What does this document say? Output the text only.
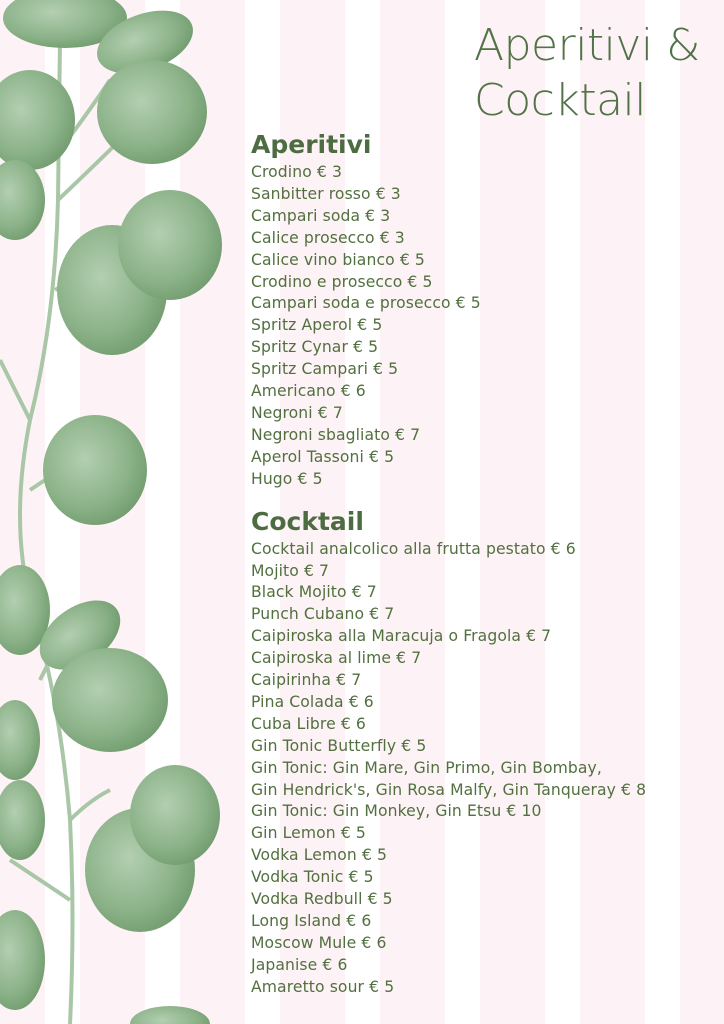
Aperitivi &
Cocktail
Aperitivi
Crodino € 3
Sanbitter rosso € 3
Campari soda € 3
Calice prosecco € 3
Calice vino bianco € 5
Crodino e prosecco € 5
Campari soda e prosecco € 5
Spritz Aperol € 5
Spritz Cynar € 5
Spritz Campari € 5
Americano € 6
Negroni € 7
Negroni sbagliato € 7
Aperol Tassoni € 5
Hugo € 5
Cocktail
Cocktail analcolico alla frutta pestato € 6
Mojito € 7
Black Mojito € 7
Punch Cubano € 7
Caipiroska alla Maracuja o Fragola € 7
Caipiroska al lime € 7
Caipirinha € 7
Pina Colada € 6
Cuba Libre € 6
Gin Tonic Butterfly € 5
Gin Tonic: Gin Mare, Gin Primo, Gin Bombay,
Gin Hendrick's, Gin Rosa Malfy, Gin Tanqueray € 8
Gin Tonic: Gin Monkey, Gin Etsu € 10
Gin Lemon € 5
Vodka Lemon € 5
Vodka Tonic € 5
Vodka Redbull € 5
Long Island € 6
Moscow Mule € 6
Japanise € 6
Amaretto sour € 5
